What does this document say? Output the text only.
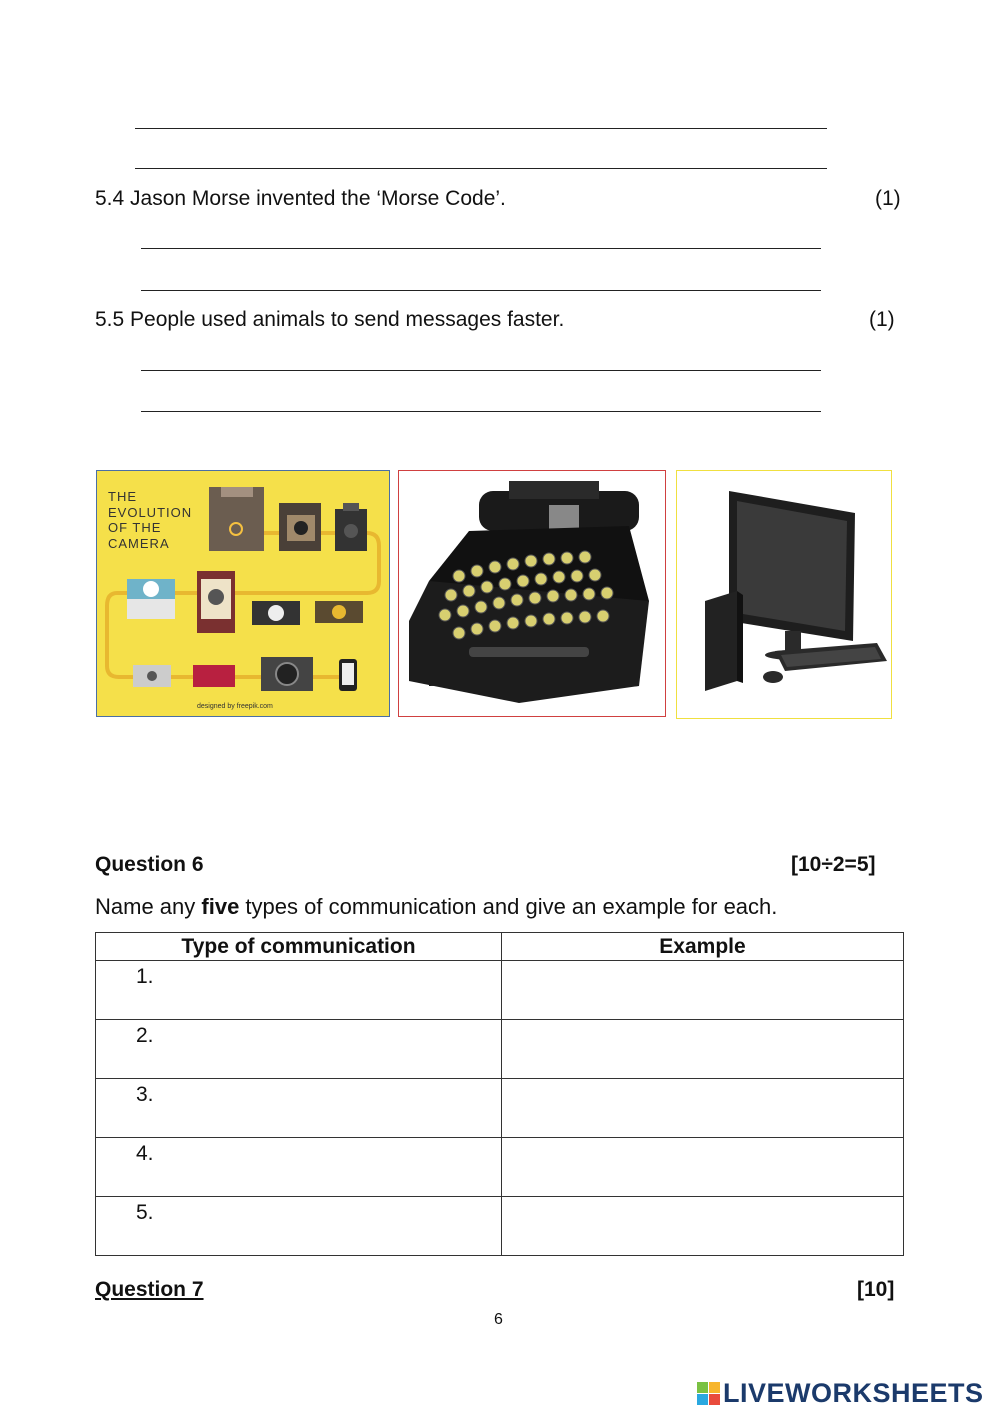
5.4 Jason Morse invented the ‘Morse Code’.	(1)
5.5 People used animals to send messages faster.	(1)
THE
EVOLUTION
OF THE
CAMERA
designed by freepik.com
Question 6	[10÷2=5]
Name any five types of communication and give an example for each.
Type of communication	Example
1.	
2.	
3.	
4.	
5.	
Question 7	[10]
6
LIVEWORKSHEETS
